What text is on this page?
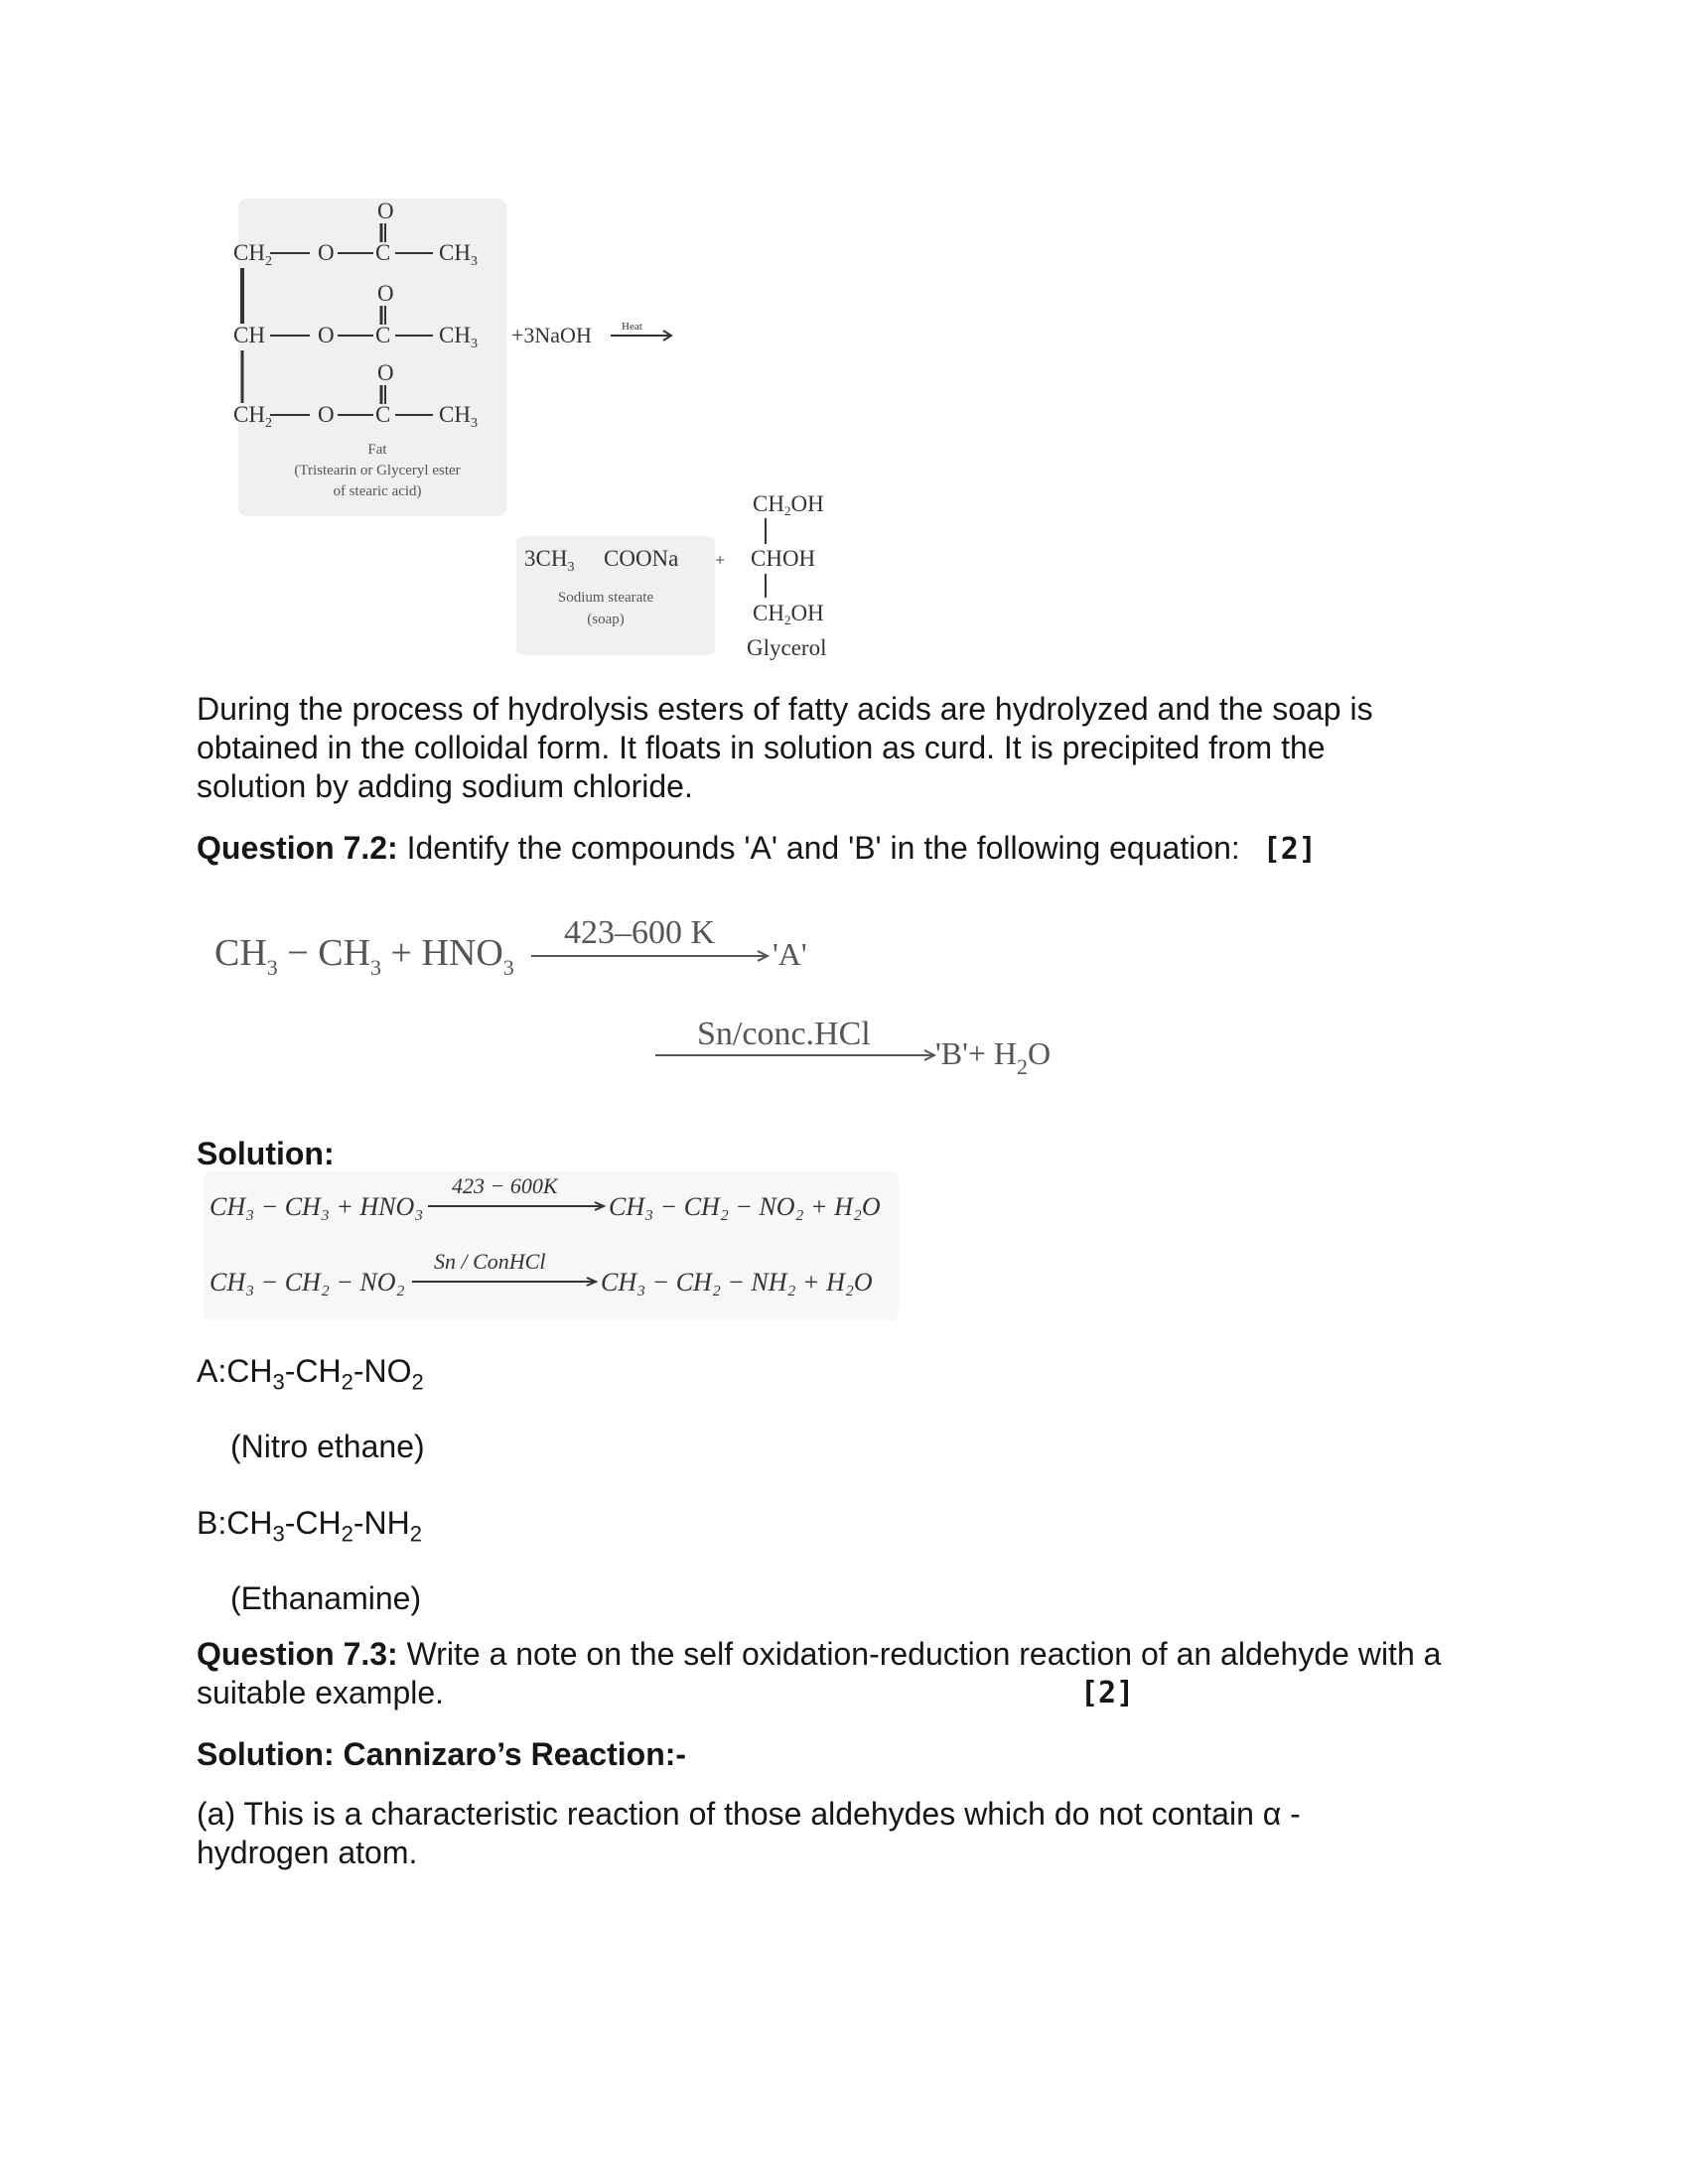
$CH_2$ O C
O
$CH_3$
CH O C
O
$CH_3$
$CH_2$ O C
O
$CH_3$
+3NaOH	Heat
Fat
(Tristearin or Glyceryl ester
of stearic acid)
$3CH_3$ COONa +
CH2OH
CHOH
CH2OH
Glycerol
Sodium stearate
(soap)
During the process of hydrolysis esters of fatty acids are hydrolyzed and the soap is
obtained in the colloidal form. It floats in solution as curd. It is precipited from the
solution by adding sodium chloride.
Question 7.2: Identify the compounds 'A' and 'B' in the following equation: [2]
$CH_3 - CH_3 + HNO_3$
423–600 K
'A'
Sn/conc.HCl
'$B'+ H_2O$
Solution:
CH₃ − CH₃ + HNO₃
423 − 600K
CH₃ − CH₂ − NO₂ + H₂O
CH₃ − CH₂ − NO₂
Sn / ConHCl
CH₃ − CH₂ − NH₂ + H₂O
$A:CH_3-CH_2-NO_2$
(Nitro ethane)
$B:CH_3-CH_2-NH_2$
(Ethanamine)
Question 7.3: Write a note on the self oxidation-reduction reaction of an aldehyde with a
suitable example.	[2]
Solution: Cannizaro’s Reaction:-
(a) This is a characteristic reaction of those aldehydes which do not contain α -
hydrogen atom.
